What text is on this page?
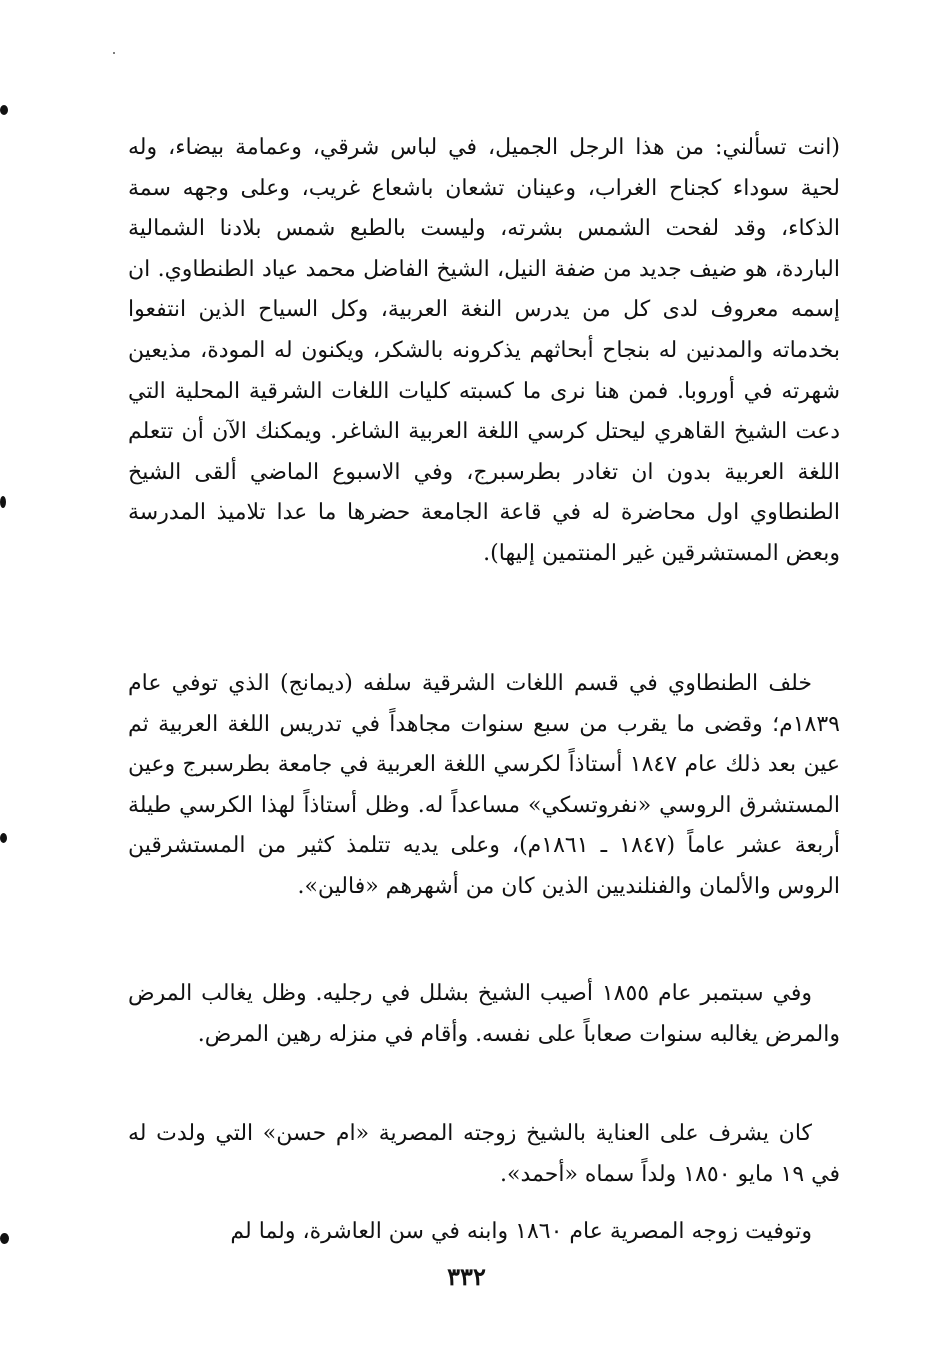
(انت تسألني: من هذا الرجل الجميل، في لباس شرقي، وعمامة بيضاء، وله لحية سوداء كجناح الغراب، وعينان تشعان باشعاع غريب، وعلى وجهه سمة الذكاء، وقد لفحت الشمس بشرته، وليست بالطبع شمس بلادنا الشمالية الباردة، هو ضيف جديد من ضفة النيل، الشيخ الفاضل محمد عياد الطنطاوي. ان إسمه معروف لدى كل من يدرس النغة العربية، وكل السياح الذين انتفعوا بخدماته والمدنين له بنجاح أبحاثهم يذكرونه بالشكر، ويكنون له المودة، مذيعين شهرته في أوروبا. فمن هنا نرى ما كسبته كليات اللغات الشرقية المحلية التي دعت الشيخ القاهري ليحتل كرسي اللغة العربية الشاغر. ويمكنك الآن أن تتعلم اللغة العربية بدون ان تغادر بطرسبرج، وفي الاسبوع الماضي ألقى الشيخ الطنطاوي اول محاضرة له في قاعة الجامعة حضرها ما عدا تلاميذ المدرسة وبعض المستشرقين غير المنتمين إليها).

خلف الطنطاوي في قسم اللغات الشرقية سلفه (ديمانج) الذي توفي عام ١٨٣٩م؛ وقضى ما يقرب من سبع سنوات مجاهداً في تدريس اللغة العربية ثم عين بعد ذلك عام ١٨٤٧ أستاذاً لكرسي اللغة العربية في جامعة بطرسبرج وعين المستشرق الروسي «نفروتسكي» مساعداً له. وظل أستاذاً لهذا الكرسي طيلة أربعة عشر عاماً (١٨٤٧ ـ ١٨٦١م)، وعلى يديه تتلمذ كثير من المستشرقين الروس والألمان والفنلنديين الذين كان من أشهرهم «فالين».

وفي سبتمبر عام ١٨٥٥ أصيب الشيخ بشلل في رجليه. وظل يغالب المرض والمرض يغالبه سنوات صعاباً على نفسه. وأقام في منزله رهين المرض.

كان يشرف على العناية بالشيخ زوجته المصرية «ام حسن» التي ولدت له في ١٩ مايو ١٨٥٠ ولداً سماه «أحمد».

وتوفيت زوجه المصرية عام ١٨٦٠ وابنه في سن العاشرة، ولما لم

٣٣٢
